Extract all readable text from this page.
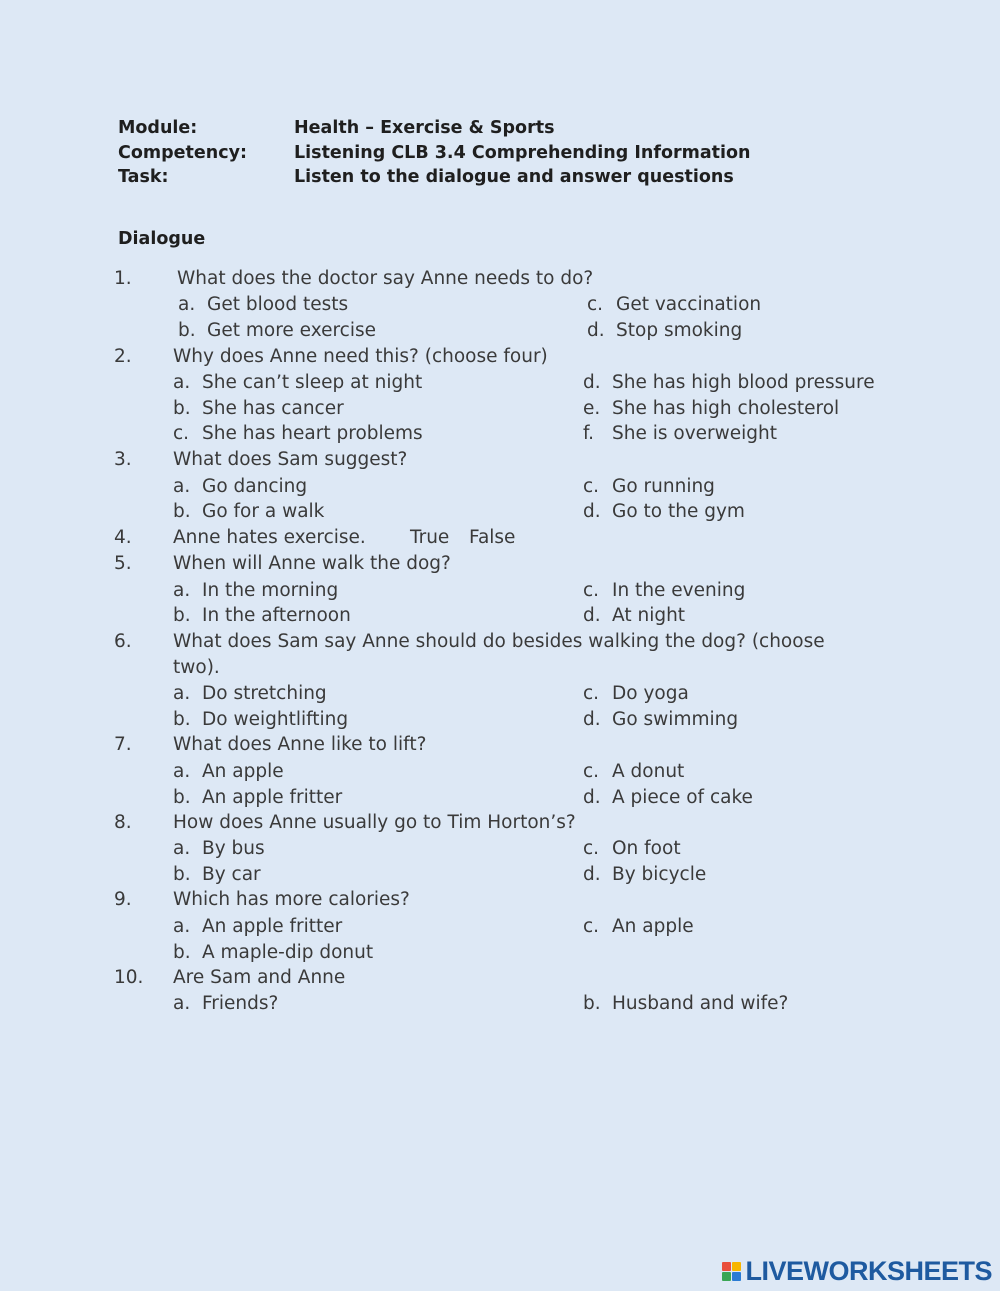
Module:	Health – Exercise & Sports
Competency:	Listening CLB 3.4 Comprehending Information
Task:	Listen to the dialogue and answer questions
Dialogue
1. What does the doctor say Anne needs to do?
a. Get blood tests	c. Get vaccination
b. Get more exercise	d. Stop smoking
2. Why does Anne need this? (choose four)
a. She can’t sleep at night	d. She has high blood pressure
b. She has cancer	e. She has high cholesterol
c. She has heart problems	f. She is overweight
3. What does Sam suggest?
a. Go dancing	c. Go running
b. Go for a walk	d. Go to the gym
4. Anne hates exercise. True False
5. When will Anne walk the dog?
a. In the morning	c. In the evening
b. In the afternoon	d. At night
6. What does Sam say Anne should do besides walking the dog? (choose
two).
a. Do stretching	c. Do yoga
b. Do weightlifting	d. Go swimming
7. What does Anne like to lift?
a. An apple	c. A donut
b. An apple fritter	d. A piece of cake
8. How does Anne usually go to Tim Horton’s?
a. By bus	c. On foot
b. By car	d. By bicycle
9. Which has more calories?
a. An apple fritter	c. An apple
b. A maple-dip donut
10. Are Sam and Anne
a. Friends?	b. Husband and wife?
LIVEWORKSHEETS
